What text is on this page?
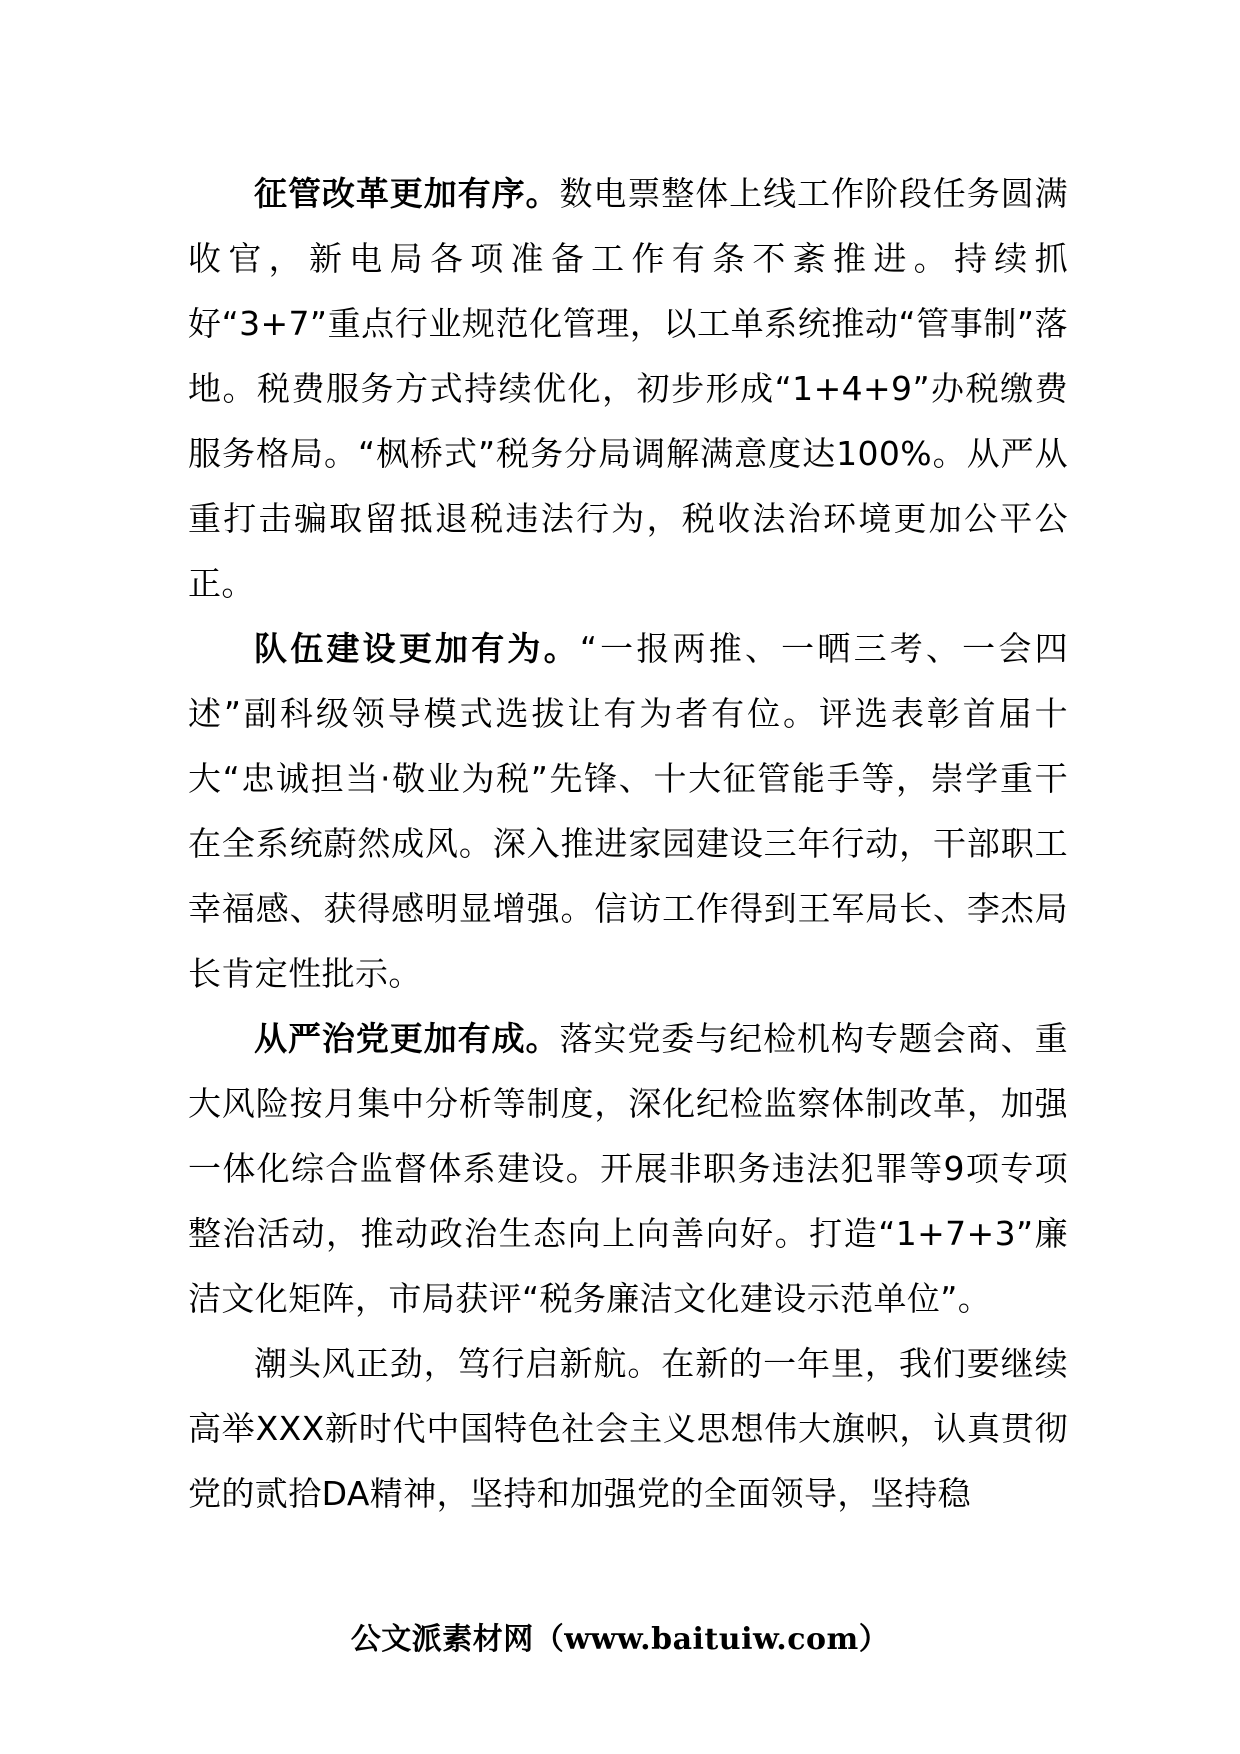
征管改革更加有序。数电票整体上线工作阶段任务圆满收官，新电局各项准备工作有条不紊推进。持续抓好“3+7”重点行业规范化管理，以工单系统推动“管事制”落地。税费服务方式持续优化，初步形成“1+4+9”办税缴费服务格局。“枫桥式”税务分局调解满意度达100%。从严从重打击骗取留抵退税违法行为，税收法治环境更加公平公正。

队伍建设更加有为。“一报两推、一晒三考、一会四述”副科级领导模式选拔让有为者有位。评选表彰首届十大“忠诚担当·敬业为税”先锋、十大征管能手等，崇学重干在全系统蔚然成风。深入推进家园建设三年行动，干部职工幸福感、获得感明显增强。信访工作得到王军局长、李杰局长肯定性批示。

从严治党更加有成。落实党委与纪检机构专题会商、重大风险按月集中分析等制度，深化纪检监察体制改革，加强一体化综合监督体系建设。开展非职务违法犯罪等9项专项整治活动，推动政治生态向上向善向好。打造“1+7+3”廉洁文化矩阵，市局获评“税务廉洁文化建设示范单位”。

潮头风正劲，笃行启新航。在新的一年里，我们要继续高举XXX新时代中国特色社会主义思想伟大旗帜，认真贯彻党的贰拾DA精神，坚持和加强党的全面领导，坚持稳

公文派素材网（www.baituiw.com）
